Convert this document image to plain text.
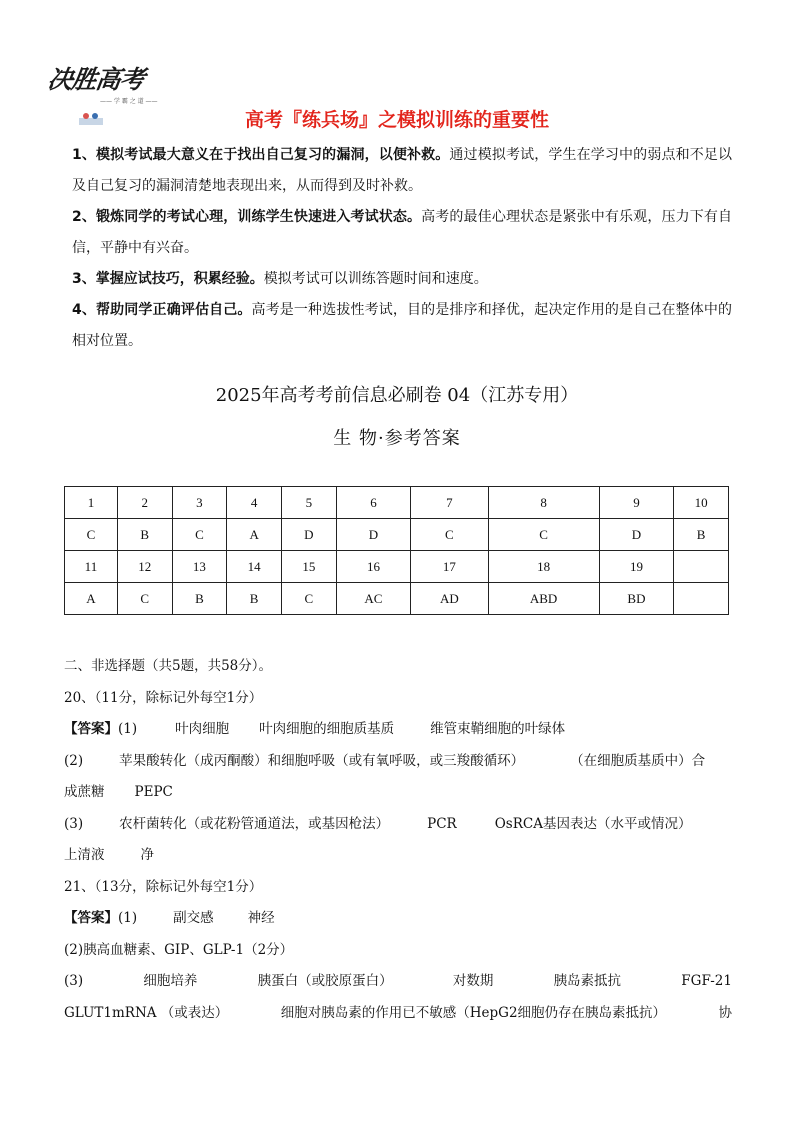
决胜高考
—— 学 霸 之 道 ——
高考『练兵场』之模拟训练的重要性

1、模拟考试最大意义在于找出自己复习的漏洞，以便补救。通过模拟考试，学生在学习中的弱点和不足以及自己复习的漏洞清楚地表现出来，从而得到及时补救。

2、锻炼同学的考试心理，训练学生快速进入考试状态。高考的最佳心理状态是紧张中有乐观，压力下有自信，平静中有兴奋。

3、掌握应试技巧，积累经验。模拟考试可以训练答题时间和速度。

4、帮助同学正确评估自己。高考是一种选拔性考试，目的是排序和择优，起决定作用的是自己在整体中的相对位置。

2025年高考考前信息必刷卷 04（江苏专用）
生 物·参考答案
1	2	3	4	5	6	7	8	9	10
C	B	C	A	D	D	C	C	D	B
11	12	13	14	15	16	17	18	19	
A	C	B	B	C	AC	AD	ABD	BD	
二、非选择题（共5题，共58分）。
20、（11分，除标记外每空1分）
【答案】(1)	叶肉细胞 叶肉细胞的细胞质基质	维管束鞘细胞的叶绿体
(2)	苹果酸转化（成丙酮酸）和细胞呼吸（或有氧呼吸，或三羧酸循环）	（在细胞质基质中）合
成蔗糖 PEPC
(3)	农杆菌转化（或花粉管通道法，或基因枪法）	PCR	OsRCA基因表达（水平或情况）
上清液	净
21、（13分，除标记外每空1分）
【答案】(1)	副交感	神经
(2)胰高血糖素、GIP、GLP-1（2分）
(3)	细胞培养	胰蛋白（或胶原蛋白）	对数期	胰岛素抵抗	FGF-21
GLUT1mRNA （或表达）	细胞对胰岛素的作用已不敏感（HepG2细胞仍存在胰岛素抵抗）	协
